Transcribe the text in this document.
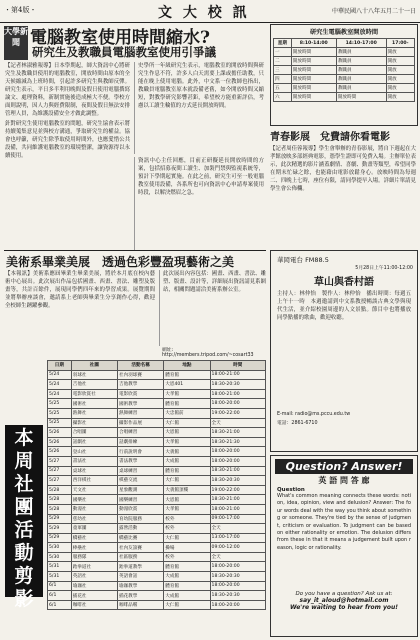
・第4版・	文 大 校 訊	中華民國八十八年五月二十一日
大學新聞 電腦教室使用時間縮水?
研究生及教職員電腦教室使用引爭議
【記者林淑雅報導】日本學期起，師大資訊中心將研究生及教職員使用的電腦教室，開放時間由原本的全天候縮減為上班時間，引起許多研究生與教師反彈。研究生表示，平日多半利用晚間及假日使用電腦撰寫論文、處理資料，新制實施後造成極大不便。學校方面則說明，因人力與經費限制，夜間及假日無法安排管理人員，為維護設備安全才做此調整。
針對研究生使用電腦教室的問題，研究生協會表示將持續蒐集意見並與校方溝通，爭取研究生的權益。協會也呼籲，研究生除爭取使用時間外，也應愛惜公共設備，共同維護電腦教室的環境整潔，讓資源得以永續使用。
史學所一年級研究生表示，電腦教室的開放時間與研究生作息不符，許多人白天需要上課或擔任助教，只能在晚上使用電腦。此外，中文系一位教師也指出，教職員電腦教室原本就設備老舊，如今開放時間又縮短，對教學研究影響甚鉅，希望校方能重新評估，考慮以工讀生輪值的方式延長開放時間。
資訊中心主任回應，目前正研擬延長開放時間的方案，包括招募夜間工讀生、加裝門禁與監視系統等，預計下學期起實施。在此之前，研究生可至一般電腦教室使用設備，各系所也可向資訊中心申請專案使用時段，以解決燃眉之急。
美術系畢業美展　透過色彩豐盈現藝術之美
【本報訊】美術系應屆畢業生畢業美展，將於本月底在校內藝術中心展出。此次展出作品包括國畫、西畫、書法、雕塑及版畫等，共計百餘件，展現同學們四年來的學習成果。展覽期間並將舉辦座談會，邀請系上老師與畢業生分享創作心得，歡迎全校師生踴躍參觀。
此次展出內容包括：國畫、西畫、書法、雕塑、版畫、設計等，詳細展出資訊請見系網站，相關問題請洽美術系辦公室。
網址: http://members.tripod.com/~cosart33
本周社團活動剪影
日期	社團	活動名稱	地點	時間
5/24	羽球社	社內羽球賽	體育館	18:00-21:00
5/24	吉他社	吉他教學	大恩401	18:30-20:30
5/24	電影欣賞社	電影欣賞	大孝館	18:00-21:00
5/25	國術社	國術教學	體育館	18:00-20:00
5/25	熱舞社	熱舞練習	大忠館前	19:00-22:00
5/25	攝影社	攝影作品展	大仁館	全天
5/26	合唱團	合唱練習	大恩館	18:30-21:00
5/26	話劇社	話劇排練	大孝館	18:30-21:30
5/26	登山社	行前說明會	大義館	18:00-20:00
5/27	書法社	書法教學	大成館	18:00-20:00
5/27	桌球社	桌球練習	體育館	18:30-21:00
5/27	西洋棋社	棋藝交流	大仁館	18:30-20:30
5/28	天文社	星象觀測	大義館頂樓	19:00-22:00
5/28	國樂社	國樂練習	大恩館	18:30-21:00
5/28	動漫社	動漫欣賞	大孝館	18:00-21:00
5/29	慈幼社	育幼院服務	校外	09:00-17:00
5/29	童軍團	露營活動	校外	全天
5/29	橋藝社	橋藝比賽	大仁館	13:00-17:00
5/30	棒壘社	社內友誼賽	操場	09:00-12:00
5/30	服務隊	社區服務	校外	全天
5/31	跆拳道社	跆拳道教學	體育館	18:00-20:00
5/31	英語社	英語會話	大成館	18:30-20:30
6/1	瑜珈社	瑜珈教學	體育館	18:00-20:00
6/1	插花社	插花教學	大成館	18:30-20:30
6/1	咖啡社	咖啡品嚐	大仁館	18:00-20:00
研究生電腦教室開放時間
星期	8:10-14:00	14:10-17:00	17:00-
一	開放時間	教職員	開放
二	開放時間	教職員	開放
三	開放時間	教職員	開放
四	開放時間	教職員	開放
五	開放時間	教職員	開放
六	開放時間	開放時間	開放
青春影展　兌費請你看電影
【記者周佳蓉報導】學生會舉辦的青春影展，將自下週起在大孝館放映多部經典電影，憑學生證即可免費入場。主辦單位表示，此次精選的影片涵蓋劇情、喜劇、動畫等類型，希望同學在期末忙碌之餘，也能藉由電影放鬆身心。放映時間為每週二、四晚上七時，座位有限，請同學提早入場。詳細片單請見學生會公佈欄。
華岡電台 FM88.5
5月28日上午11:00-12:00
草山與香村語
主持人：林仲怡　製作人：林仲怡　播出時間：每週五上午十一時　本週邀請到中文系教授暢談古典文學與現代生活，並介紹校園周邊的人文景點。節目中也將播放同學點播的歌曲，歡迎收聽。
E-mail: radio@ms.pccu.edu.tw
電話：2861-6710
Question? Answer!
英 語 問 答 廊
Question
What's common meaning connects these words: notion, idea, opinion, view and delusion? Answer: The four words deal with the way you think about something or someone. They're tied by the sense of judgment, criticism or evaluation. To judgment can be based on either rationality or emotion. The delusion differs from these in that it means a judgement built upon reason, logic or rationality.
Do you have a question? Ask us at:
say_it_aloud@hotmail.com
We're waiting to hear from you!
